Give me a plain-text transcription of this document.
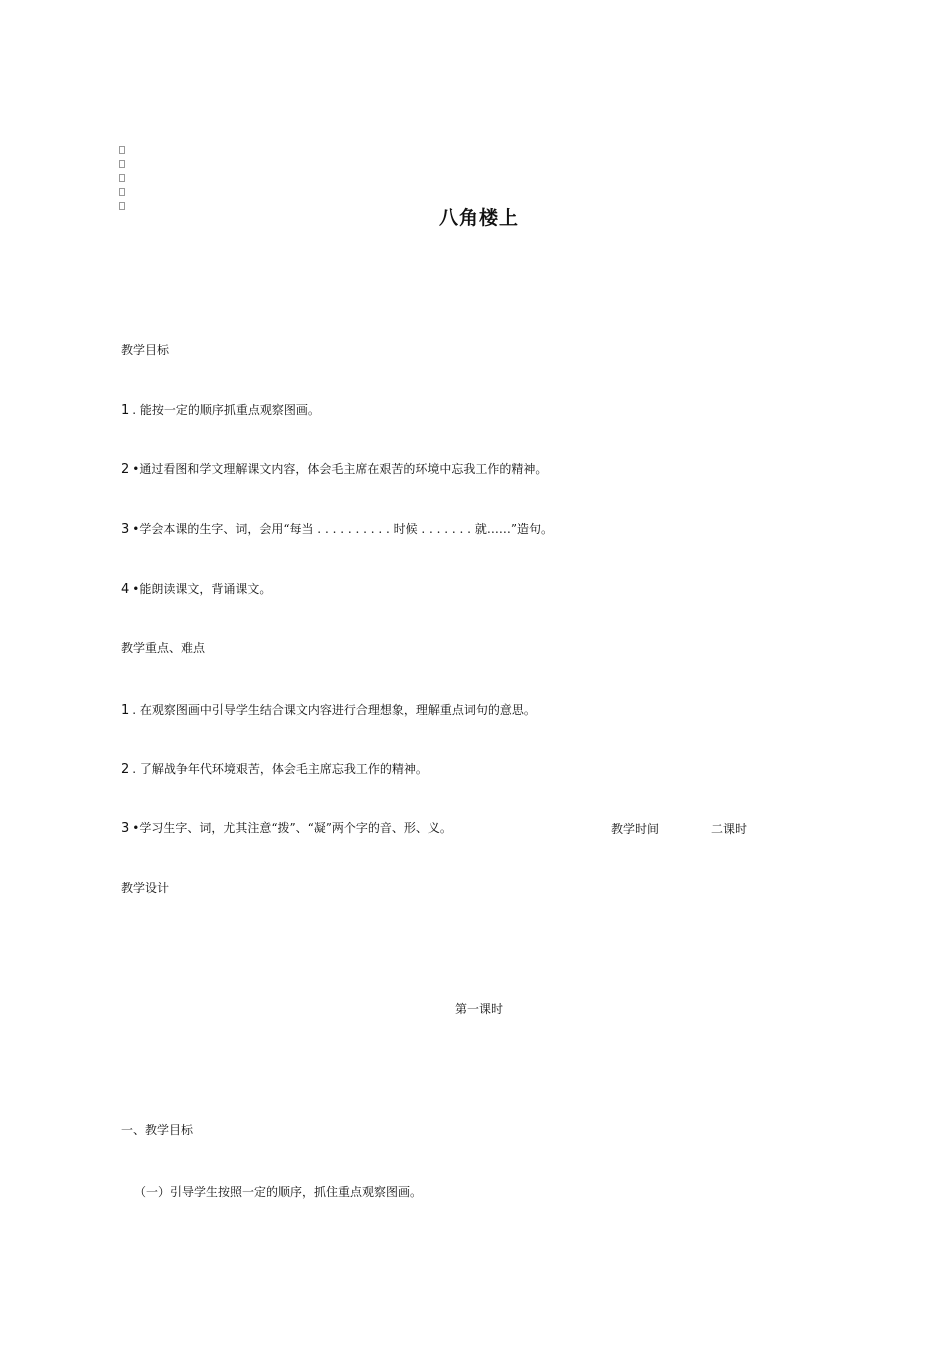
八角楼上
教学目标
1 . 能按一定的顺序抓重点观察图画。
2 •通过看图和学文理解课文内容，体会毛主席在艰苦的环境中忘我工作的精神。
3 •学会本课的生字、词，会用“每当 . . . . . . . . . . 时候 . . . . . . . 就……”造句。
4 •能朗读课文，背诵课文。
教学重点、难点
1 . 在观察图画中引导学生结合课文内容进行合理想象，理解重点词句的意思。
2 . 了解战争年代环境艰苦，体会毛主席忘我工作的精神。
3 •学习生字、词，尤其注意“拨”、“凝”两个字的音、形、义。	教学时间	二课时
教学设计
第一课时
一、教学目标
（一）引导学生按照一定的顺序，抓住重点观察图画。
